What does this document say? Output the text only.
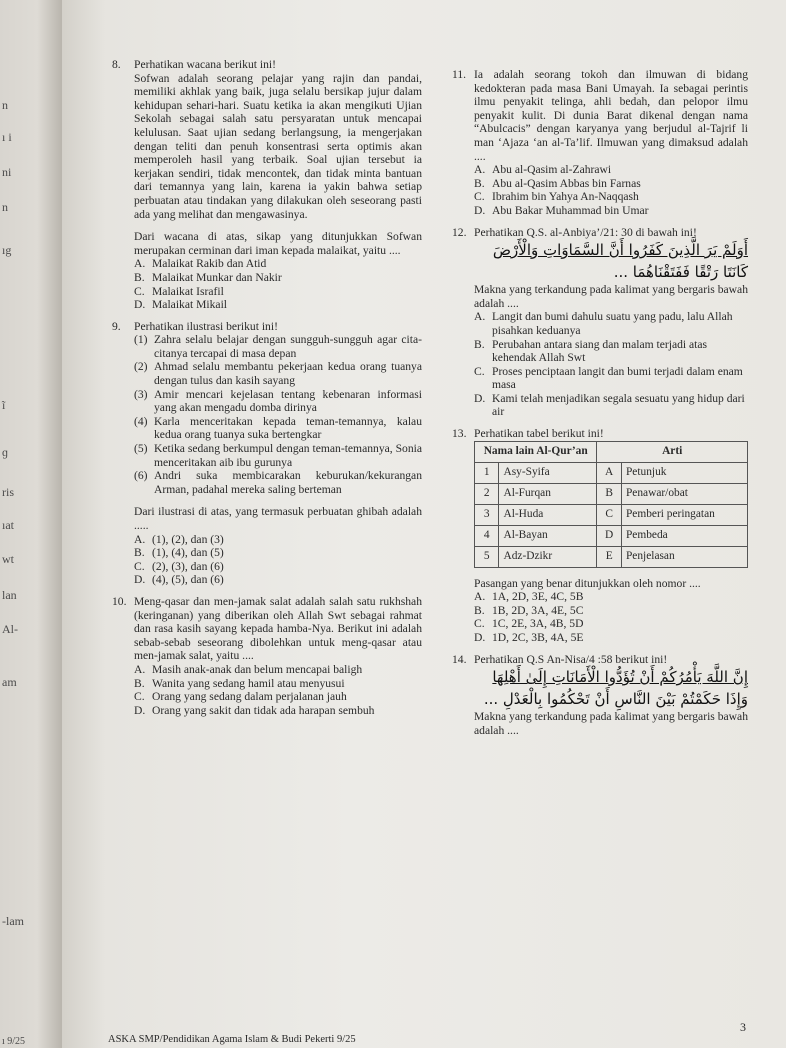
n
ı i
ni
n
ıg
ĩ
ɡ
ris
ıat
wt
lan
Al-
am
-lam
ı 9/25
8.	Perhatikan wacana berikut ini!
Sofwan adalah seorang pelajar yang rajin dan pandai, memiliki akhlak yang baik, juga selalu bersikap jujur dalam kehidupan sehari-hari. Suatu ketika ia akan mengikuti Ujian Sekolah sebagai salah satu persyaratan untuk mencapai kelulusan. Saat ujian sedang berlangsung, ia mengerjakan dengan teliti dan penuh konsentrasi serta optimis akan memperoleh hasil yang terbaik. Soal ujian tersebut ia kerjakan sendiri, tidak mencontek, dan tidak minta bantuan dari temannya yang lain, karena ia yakin bahwa setiap perbuatan atau tindakan yang dilakukan oleh seseorang pasti ada yang melihat dan mengawasinya.
Dari wacana di atas, sikap yang ditunjukkan Sofwan merupakan cerminan dari iman kepada malaikat, yaitu ....
A. Malaikat Rakib dan Atid
B. Malaikat Munkar dan Nakir
C. Malaikat Israfil
D. Malaikat Mikail
9.	Perhatikan ilustrasi berikut ini!
(1) Zahra selalu belajar dengan sungguh-sungguh agar cita-citanya tercapai di masa depan
(2) Ahmad selalu membantu pekerjaan kedua orang tuanya dengan tulus dan kasih sayang
(3) Amir mencari kejelasan tentang kebenaran informasi yang akan mengadu domba dirinya
(4) Karla menceritakan kepada teman-temannya, kalau kedua orang tuanya suka bertengkar
(5) Ketika sedang berkumpul dengan teman-temannya, Sonia menceritakan aib ibu gurunya
(6) Andri suka membicarakan keburukan/kekurangan Arman, padahal mereka saling berteman
Dari ilustrasi di atas, yang termasuk perbuatan ghibah adalah .....
A. (1), (2), dan (3)
B. (1), (4), dan (5)
C. (2), (3), dan (6)
D. (4), (5), dan (6)
10. Meng-qasar dan men-jamak salat adalah salah satu rukhshah (keringanan) yang diberikan oleh Allah Swt sebagai rahmat dan rasa kasih sayang kepada hamba-Nya. Berikut ini adalah sebab-sebab seseorang dibolehkan untuk meng-qasar atau men-jamak salat, yaitu ....
A. Masih anak-anak dan belum mencapai baligh
B. Wanita yang sedang hamil atau menyusui
C. Orang yang sedang dalam perjalanan jauh
D. Orang yang sakit dan tidak ada harapan sembuh
11. Ia adalah seorang tokoh dan ilmuwan di bidang kedokteran pada masa Bani Umayah. Ia sebagai perintis ilmu penyakit telinga, ahli bedah, dan pelopor ilmu penyakit kulit. Di dunia Barat dikenal dengan nama “Abulcacis” dengan karyanya yang berjudul al-Tajrif li man ‘Ajaza ‘an al-Ta’lif. Ilmuwan yang dimaksud adalah ....
A. Abu al-Qasim al-Zahrawi
B. Abu al-Qasim Abbas bin Farnas
C. Ibrahim bin Yahya An-Naqqash
D. Abu Bakar Muhammad bin Umar
12. Perhatikan Q.S. al-Anbiya’/21: 30 di bawah ini!
أَوَلَمْ يَرَ الَّذِينَ كَفَرُوا أَنَّ السَّمَاوَاتِ وَالْأَرْضَ
كَانَتَا رَتْقًا فَفَتَقْنَاهُمَا ...
Makna yang terkandung pada kalimat yang bergaris bawah adalah ....
A. Langit dan bumi dahulu suatu yang padu, lalu Allah pisahkan keduanya
B. Perubahan antara siang dan malam terjadi atas kehendak Allah Swt
C. Proses penciptaan langit dan bumi terjadi dalam enam masa
D. Kami telah menjadikan segala sesuatu yang hidup dari air
13. Perhatikan tabel berikut ini!
Nama lain Al-Qur’an		Arti	
1	Asy-Syifa	A	Petunjuk
2	Al-Furqan	B	Penawar/obat
3	Al-Huda	C	Pemberi peringatan
4	Al-Bayan	D	Pembeda
5	Adz-Dzikr	E	Penjelasan
Pasangan yang benar ditunjukkan oleh nomor ....
A. 1A, 2D, 3E, 4C, 5B
B. 1B, 2D, 3A, 4E, 5C
C. 1C, 2E, 3A, 4B, 5D
D. 1D, 2C, 3B, 4A, 5E
14. Perhatikan Q.S An-Nisa/4 :58 berikut ini!
إِنَّ اللَّهَ يَأْمُرُكُمْ أَنْ تُؤَدُّوا الْأَمَانَاتِ إِلَىٰ أَهْلِهَا
وَإِذَا حَكَمْتُمْ بَيْنَ النَّاسِ أَنْ تَحْكُمُوا بِالْعَدْلِ ...
Makna yang terkandung pada kalimat yang bergaris bawah adalah ....
ASKA SMP/Pendidikan Agama Islam & Budi Pekerti 9/25
3
